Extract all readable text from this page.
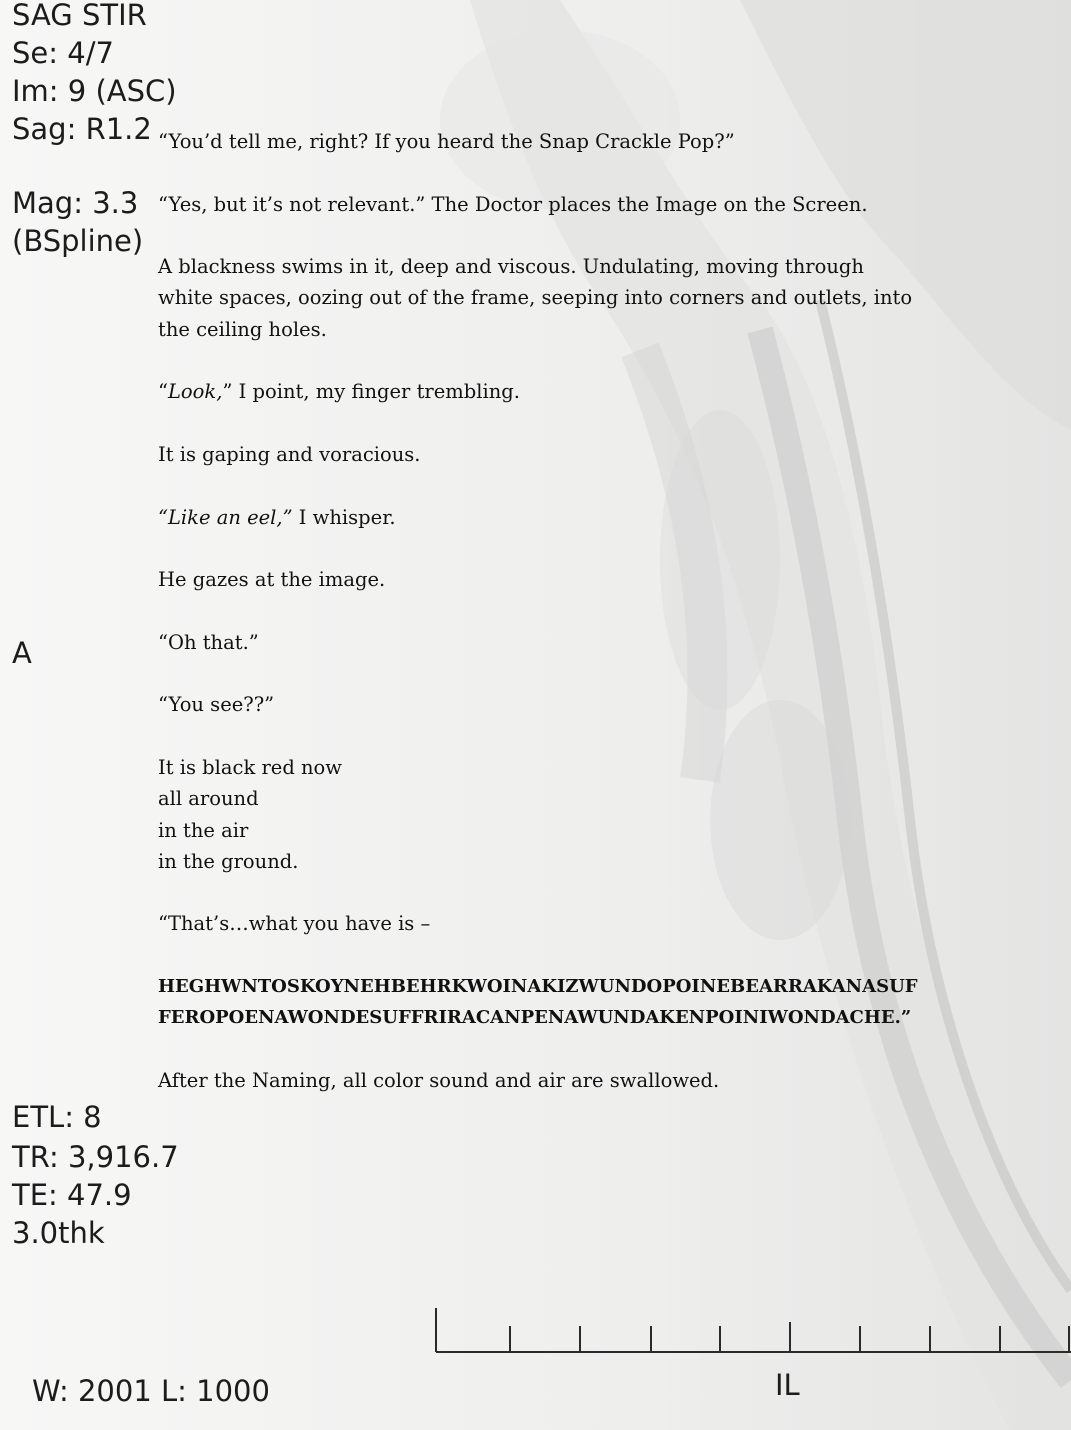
SAG STIR
Se: 4/7
Im: 9 (ASC)
Sag: R1.2
Mag: 3.3
(BSpline)
A
ETL: 8
TR: 3,916.7
TE: 47.9
3.0thk
W: 2001 L: 1000	IL

“You’d tell me, right? If you heard the Snap Crackle Pop?”

“Yes, but it’s not relevant.” The Doctor places the Image on the Screen.

A blackness swims in it, deep and viscous. Undulating, moving through white spaces, oozing out of the frame, seeping into corners and outlets, into the ceiling holes.

“Look,” I point, my finger trembling.

It is gaping and voracious.

“Like an eel,” I whisper.

He gazes at the image.

“Oh that.”

“You see??”

It is black red now
all around
in the air
in the ground.

“That’s…what you have is –

HEGHWNTOSKOYNEHBEHRKWOINAKIZWUNDOPOINEBEARRAKANASUFFEROPOENAWONDESUFFRIRACANPENAWUNDAKENPOINIWONDACHE.”

After the Naming, all color sound and air are swallowed.
